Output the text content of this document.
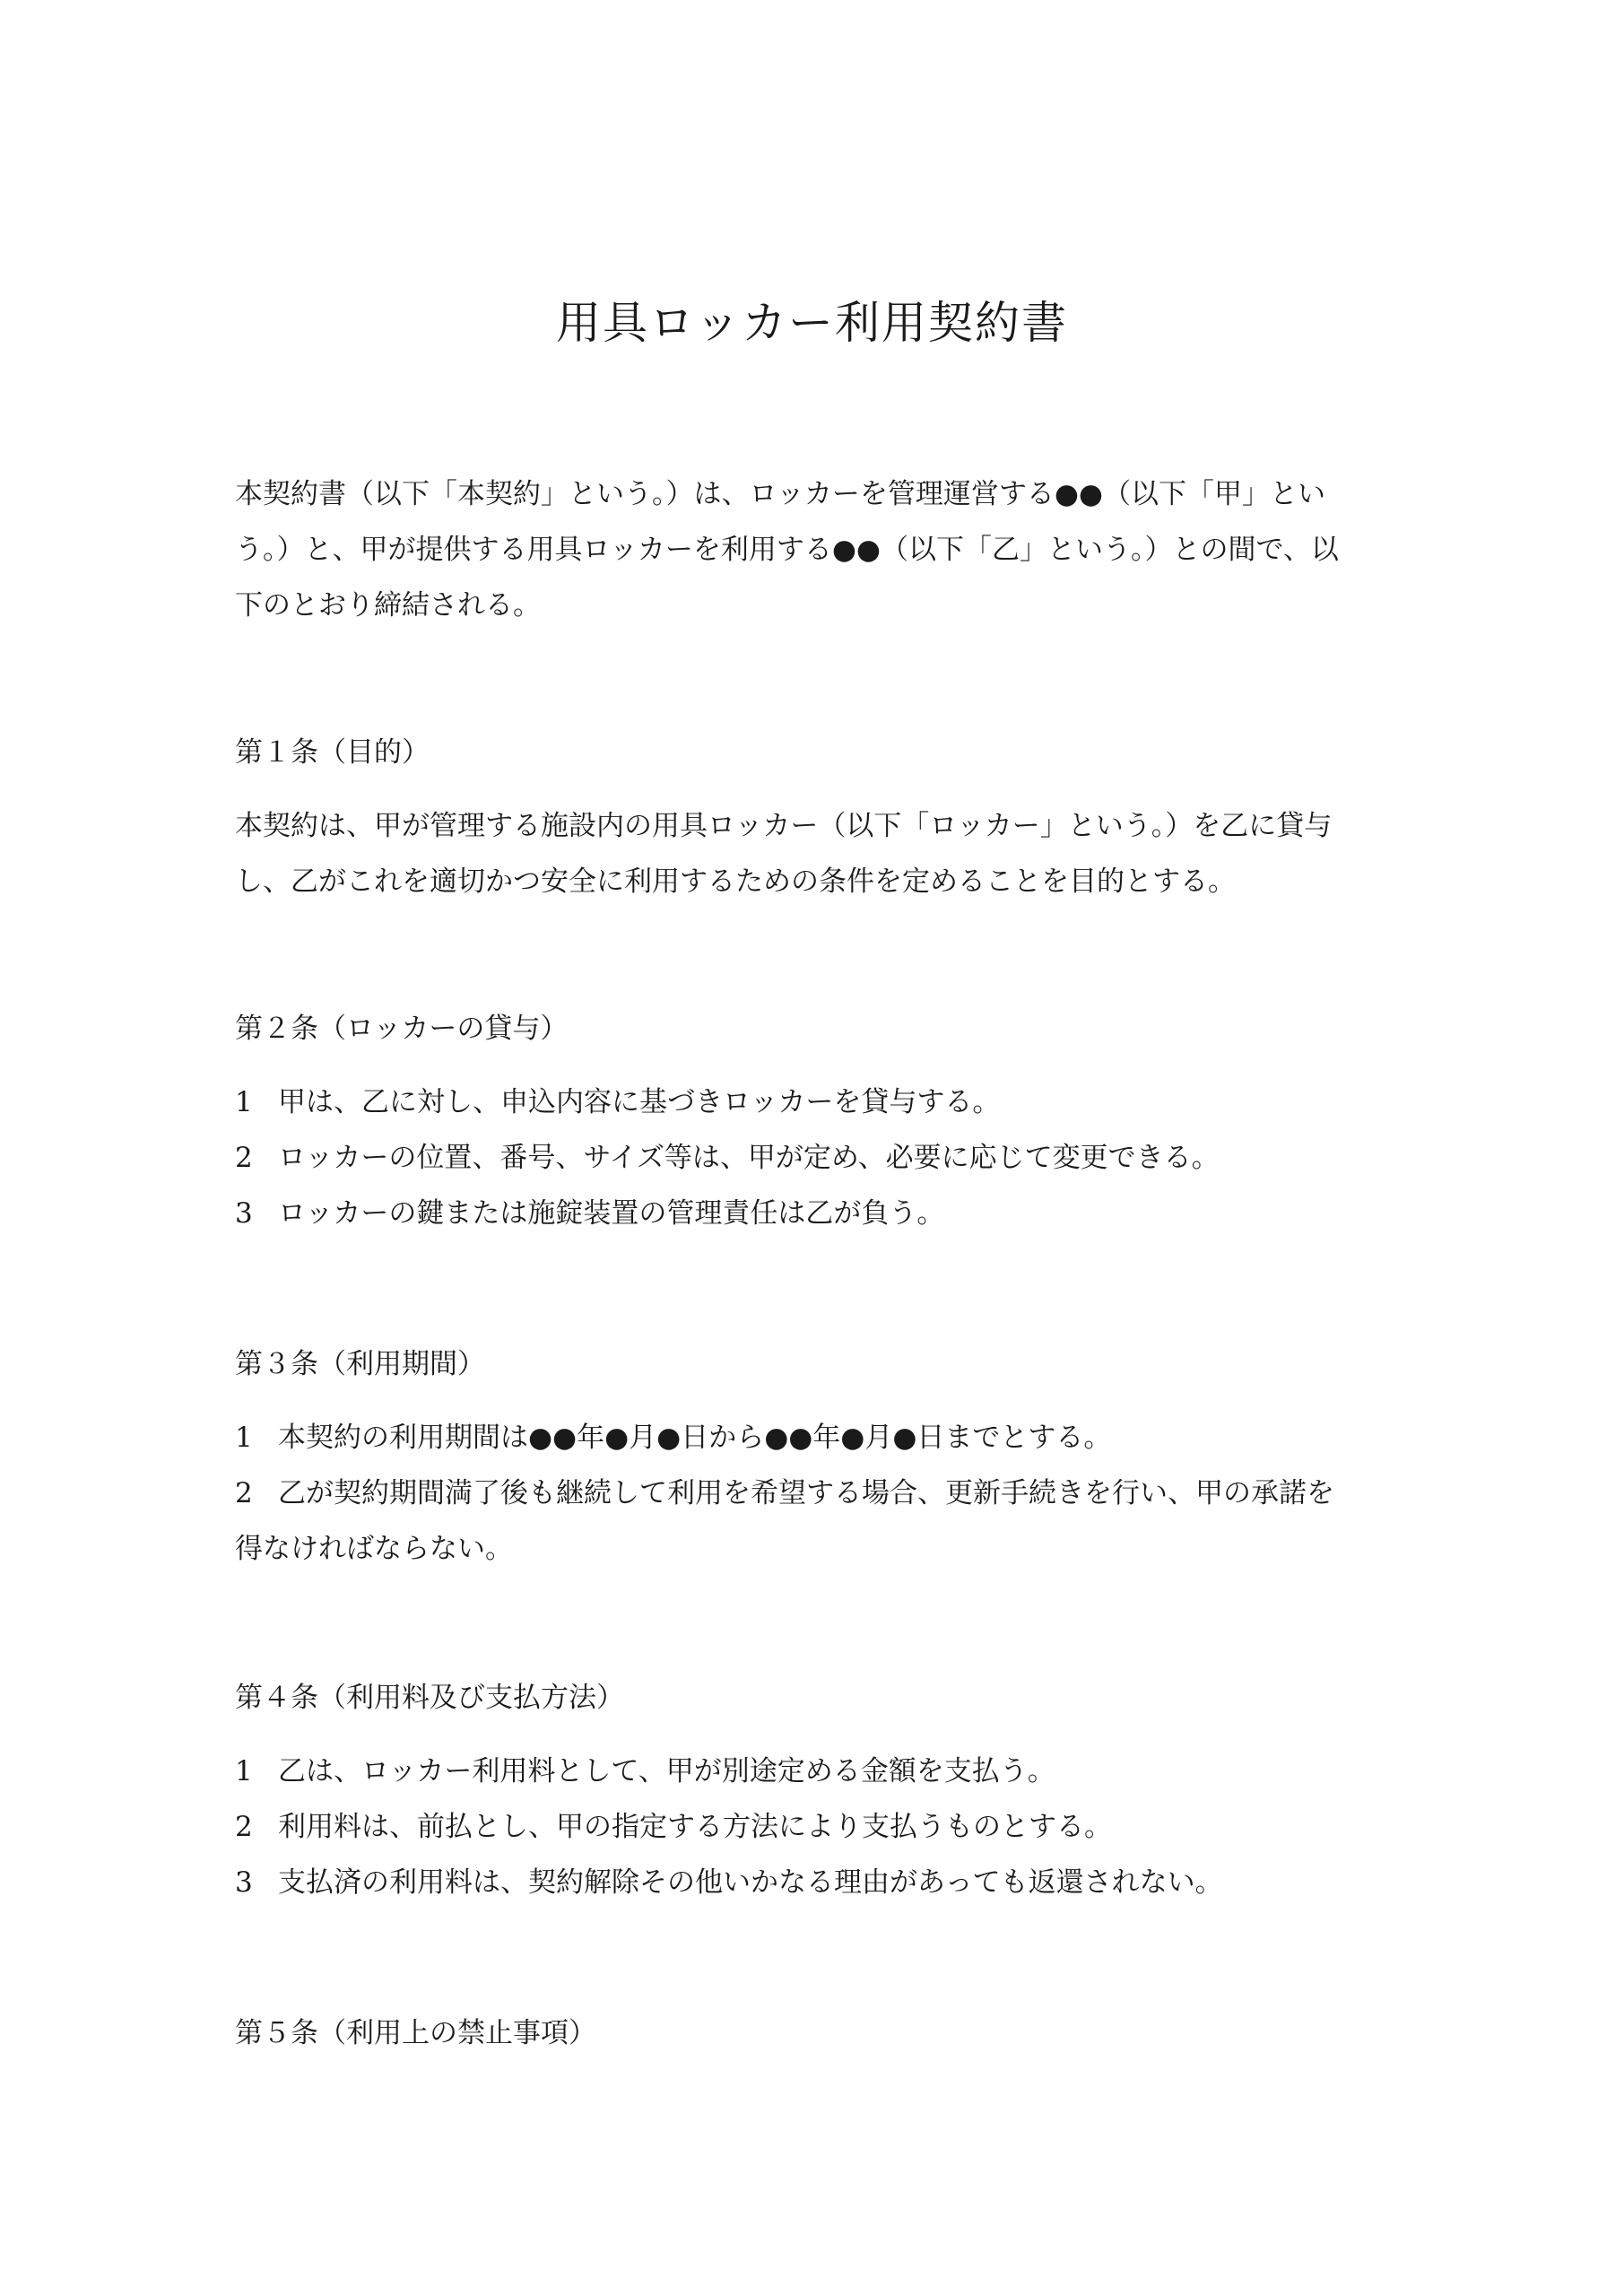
用具ロッカー利用契約書

本契約書（以下「本契約」という。）は、ロッカーを管理運営する●●（以下「甲」とい
う。）と、甲が提供する用具ロッカーを利用する●●（以下「乙」という。）との間で、以
下のとおり締結される。

第１条（目的）

本契約は、甲が管理する施設内の用具ロッカー（以下「ロッカー」という。）を乙に貸与
し、乙がこれを適切かつ安全に利用するための条件を定めることを目的とする。

第２条（ロッカーの貸与）

1 甲は、乙に対し、申込内容に基づきロッカーを貸与する。

2 ロッカーの位置、番号、サイズ等は、甲が定め、必要に応じて変更できる。

3 ロッカーの鍵または施錠装置の管理責任は乙が負う。

第３条（利用期間）

1 本契約の利用期間は●●年●月●日から●●年●月●日までとする。

2 乙が契約期間満了後も継続して利用を希望する場合、更新手続きを行い、甲の承諾を
得なければならない。

第４条（利用料及び支払方法）

1 乙は、ロッカー利用料として、甲が別途定める金額を支払う。

2 利用料は、前払とし、甲の指定する方法により支払うものとする。

3 支払済の利用料は、契約解除その他いかなる理由があっても返還されない。

第５条（利用上の禁止事項）
